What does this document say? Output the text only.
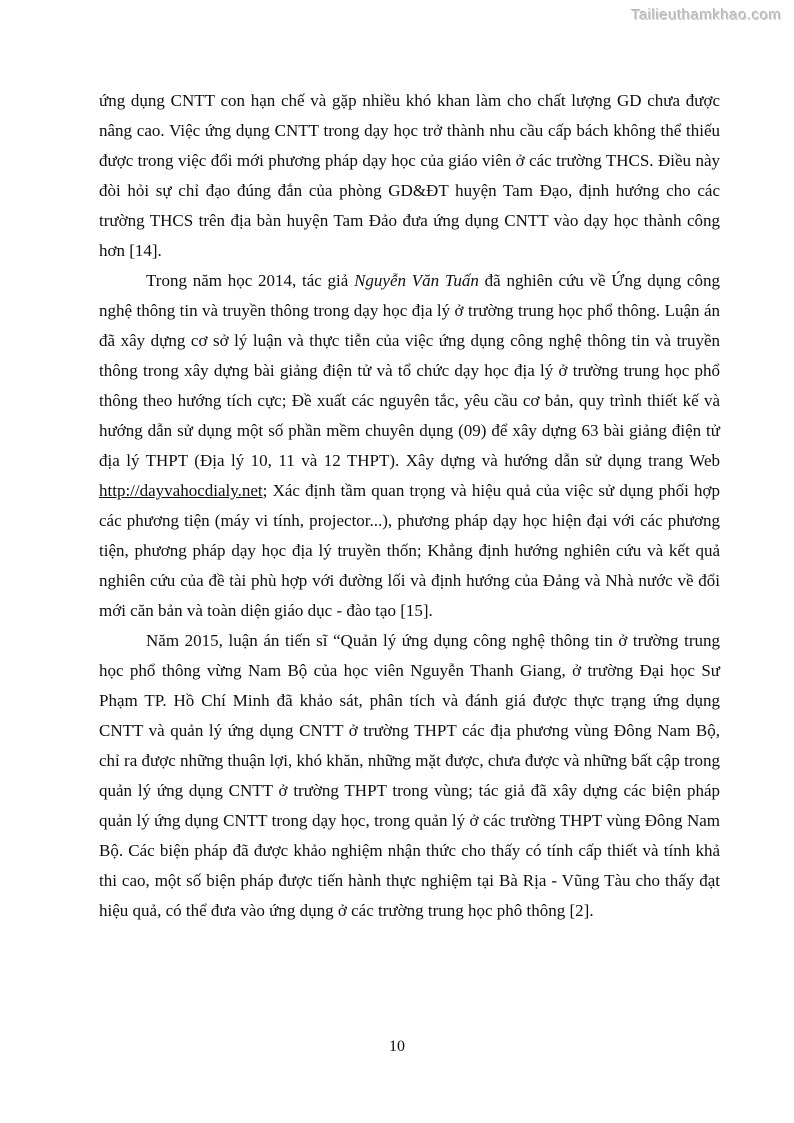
Tailieuthamkhao.com

ứng dụng CNTT con hạn chế và gặp nhiều khó khan làm cho chất lượng GD chưa được nâng cao. Việc ứng dụng CNTT trong dạy học trở thành nhu cầu cấp bách không thể thiếu được trong việc đổi mới phương pháp dạy học của giáo viên ở các trường THCS. Điều này đòi hỏi sự chỉ đạo đúng đắn của phòng GD&ĐT huyện Tam Đạo, định hướng cho các trường THCS trên địa bàn huyện Tam Đảo đưa ứng dụng CNTT vào dạy học thành công hơn [14].

Trong năm học 2014, tác giả Nguyễn Văn Tuấn đã nghiên cứu về Ứng dụng công nghệ thông tin và truyền thông trong dạy học địa lý ở trường trung học phổ thông. Luận án đã xây dựng cơ sở lý luận và thực tiễn của việc ứng dụng công nghệ thông tin và truyền thông trong xây dựng bài giảng điện tử và tổ chức dạy học địa lý ở trường trung học phổ thông theo hướng tích cực; Đề xuất các nguyên tắc, yêu cầu cơ bản, quy trình thiết kế và hướng dẫn sử dụng một số phần mềm chuyên dụng (09) để xây dựng 63 bài giảng điện tử địa lý THPT (Địa lý 10, 11 và 12 THPT). Xây dựng và hướng dẫn sử dụng trang Web http://dayvahocdialy.net; Xác định tầm quan trọng và hiệu quả của việc sử dụng phối hợp các phương tiện (máy vi tính, projector...), phương pháp dạy học hiện đại với các phương tiện, phương pháp dạy học địa lý truyền thốn; Khẳng định hướng nghiên cứu và kết quả nghiên cứu của đề tài phù hợp với đường lối và định hướng của Đảng và Nhà nước về đổi mới căn bản và toàn diện giáo dục - đào tạo [15].

Năm 2015, luận án tiến sĩ “Quản lý ứng dụng công nghệ thông tin ở trường trung học phổ thông vừng Nam Bộ của học viên Nguyễn Thanh Giang, ở trường Đại học Sư Phạm TP. Hồ Chí Minh đã khảo sát, phân tích và đánh giá được thực trạng ứng dụng CNTT và quản lý ứng dụng CNTT ở trường THPT các địa phương vùng Đông Nam Bộ, chỉ ra được những thuận lợi, khó khăn, những mặt được, chưa được và những bất cập trong quản lý ứng dụng CNTT ở trường THPT trong vùng; tác giả đã xây dựng các biện pháp quản lý ứng dụng CNTT trong dạy học, trong quản lý ở các trường THPT vùng Đông Nam Bộ. Các biện pháp đã được khảo nghiệm nhận thức cho thấy có tính cấp thiết và tính khả thi cao, một số biện pháp được tiến hành thực nghiệm tại Bà Rịa - Vũng Tàu cho thấy đạt hiệu quả, có thể đưa vào ứng dụng ở các trường trung học phô thông [2].

10
